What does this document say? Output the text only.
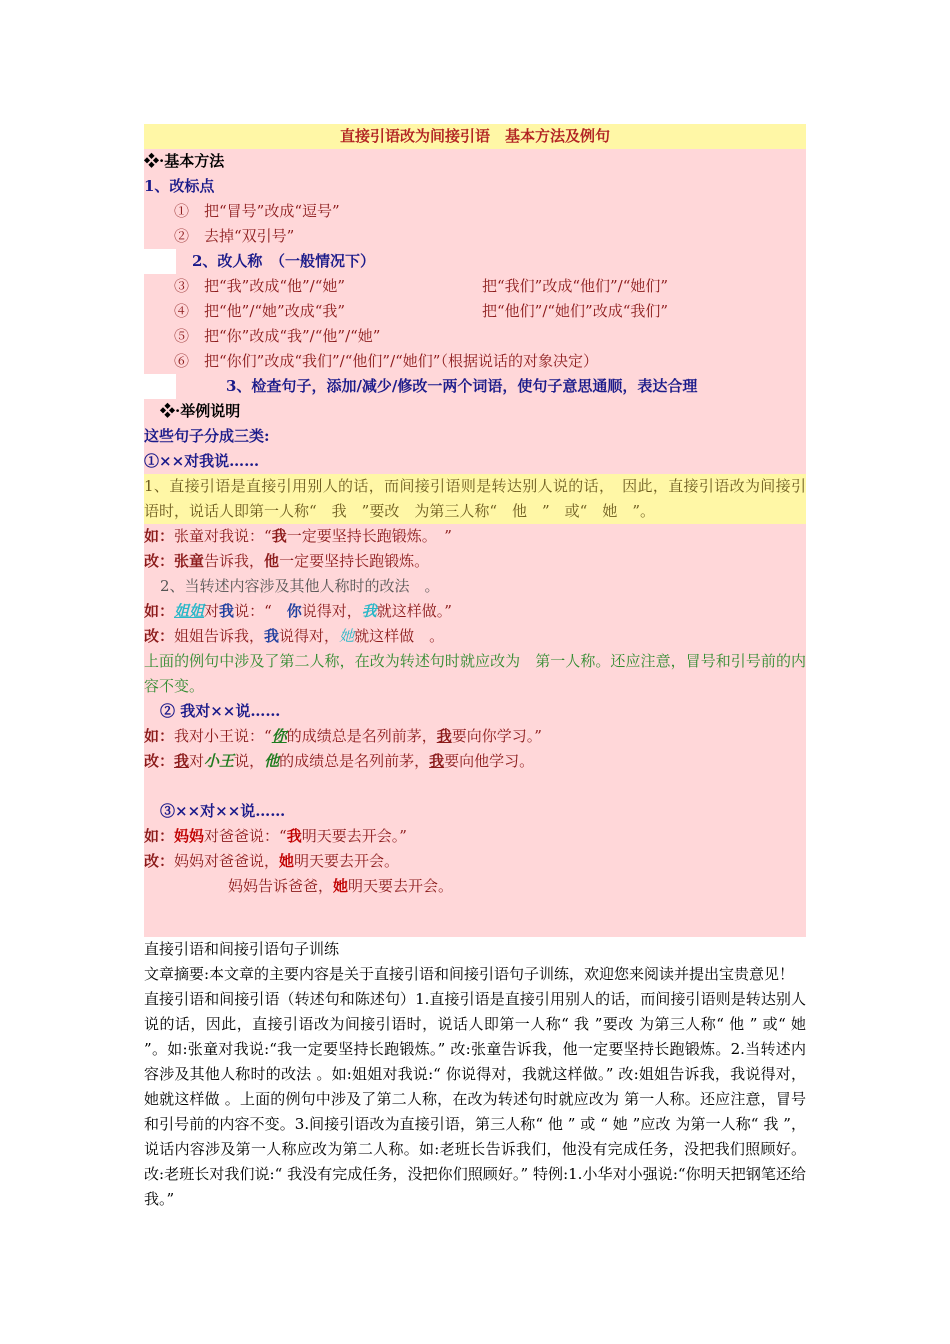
直接引语改为间接引语　基本方法及例句
❖·基本方法
1、改标点
①　把“冒号”改成“逗号”
②　去掉“双引号”
2、改人称　（一般情况下）
③　把“我”改成“他”/“她”	把“我们”改成“他们”/“她们”
④　把“他”/“她”改成“我”	把“他们”/“她们”改成“我们”
⑤　把“你”改成“我”/“他”/“她”
⑥　把“你们”改成“我们”/“他们”/“她们”（根据说话的对象决定）
3、检查句子，添加/减少/修改一两个词语，使句子意思通顺，表达合理
❖·举例说明
这些句子分成三类:
①××对我说……
1、直接引语是直接引用别人的话，而间接引语则是转达别人说的话，　因此，直接引语改为间接引语时，说话人即第一人称“　我　”要改　为第三人称“　他　”　或“　她　”。
如：张童对我说：“我一定要坚持长跑锻炼。　”
改：张童告诉我，他一定要坚持长跑锻炼。
2、当转述内容涉及其他人称时的改法　。
如：姐姐对我说：“　你说得对，我就这样做。”
改：姐姐告诉我，我说得对，她就这样做　。
上面的例句中涉及了第二人称，在改为转述句时就应改为　第一人称。还应注意，冒号和引号前的内容不变。
② 我对××说……
如：我对小王说：“你的成绩总是名列前茅，我要向你学习。”
改：我对小王说，他的成绩总是名列前茅，我要向他学习。
③××对××说……
如：妈妈对爸爸说：“我明天要去开会。”
改：妈妈对爸爸说，她明天要去开会。
妈妈告诉爸爸，她明天要去开会。
直接引语和间接引语句子训练
文章摘要:本文章的主要内容是关于直接引语和间接引语句子训练，欢迎您来阅读并提出宝贵意见！
直接引语和间接引语（转述句和陈述句）1.直接引语是直接引用别人的话，而间接引语则是转达别人说的话，因此，直接引语改为间接引语时，说话人即第一人称“ 我 ”要改 为第三人称“ 他 ” 或“ 她 ”。如:张童对我说:“我一定要坚持长跑锻炼。” 改:张童告诉我，他一定要坚持长跑锻炼。2.当转述内容涉及其他人称时的改法 。如:姐姐对我说:“ 你说得对，我就这样做。” 改:姐姐告诉我，我说得对，她就这样做 。上面的例句中涉及了第二人称，在改为转述句时就应改为 第一人称。还应注意，冒号和引号前的内容不变。3.间接引语改为直接引语，第三人称“ 他 ” 或 “ 她 ”应改 为第一人称“ 我 ”，说话内容涉及第一人称应改为第二人称。如:老班长告诉我们，他没有完成任务，没把我们照顾好。改:老班长对我们说:“ 我没有完成任务，没把你们照顾好。” 特例:1.小华对小强说:“你明天把钢笔还给我。”
